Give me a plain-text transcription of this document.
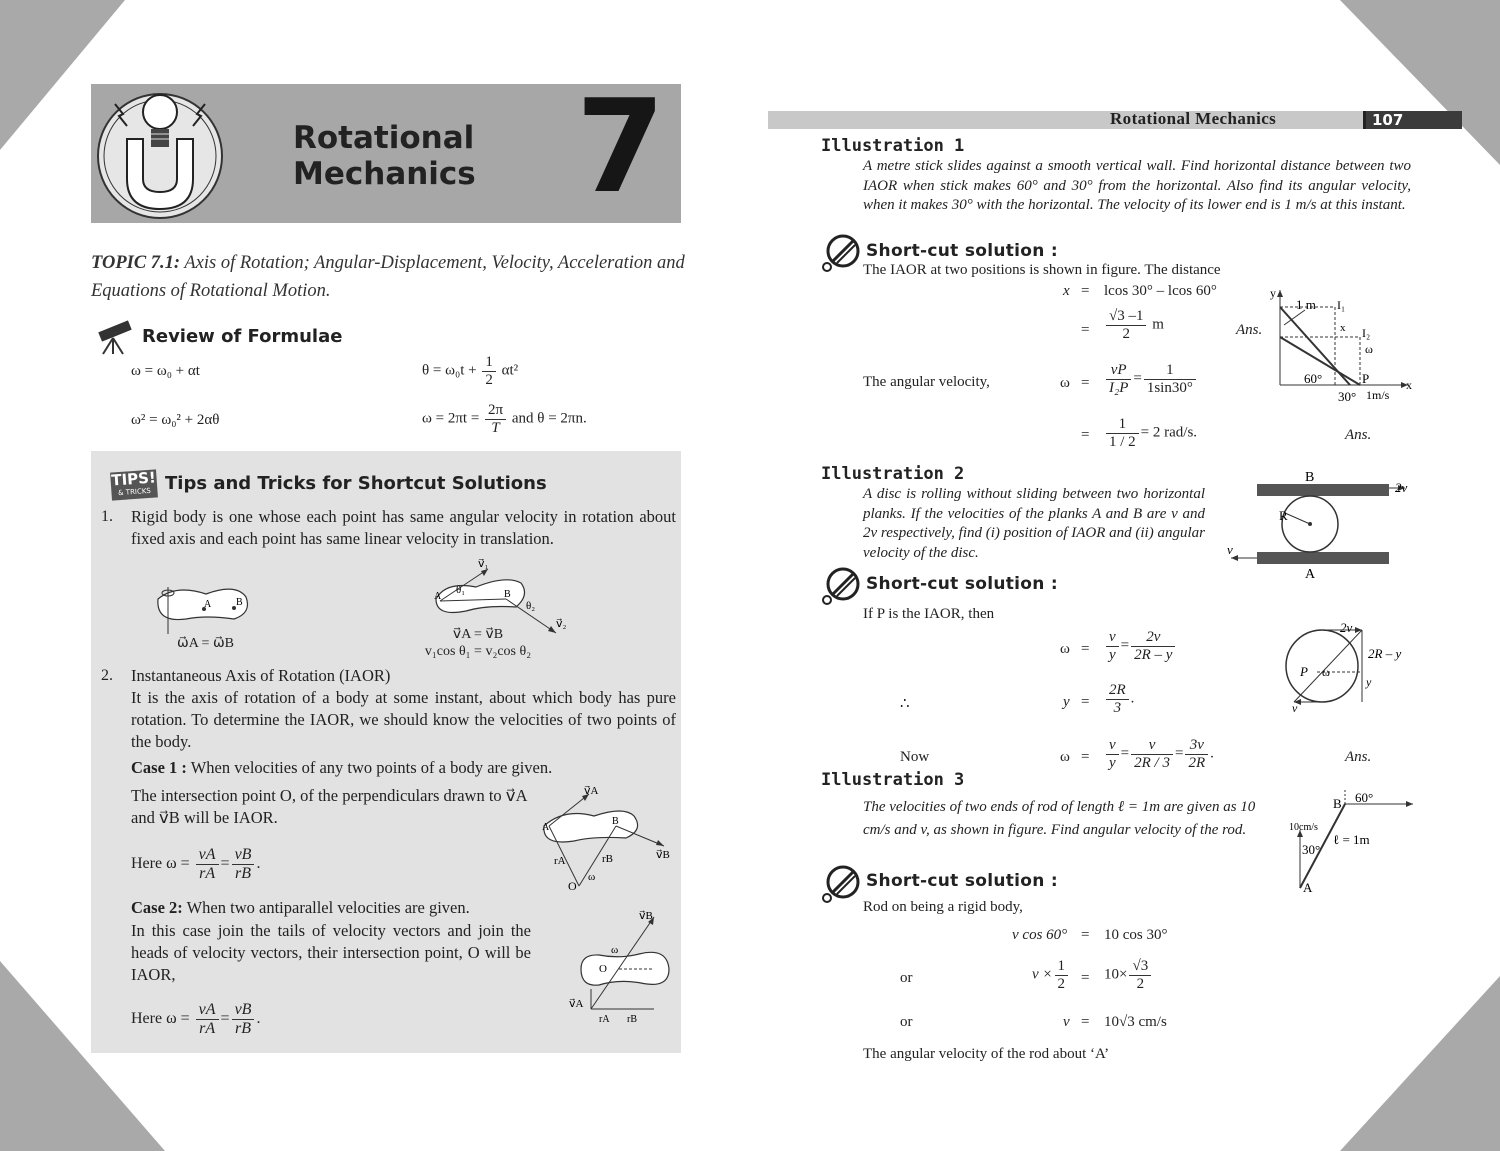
Rotational
Mechanics 7
TOPIC 7.1: Axis of Rotation; Angular-Displacement, Velocity, Acceleration and Equations of Rotational Motion.
Review of Formulae
ω = ω₀ + αt	$\theta = \omega_0t + \frac{1}{2} \alpha t^2$
ω² = ω₀² + 2αθ	$\omega = 2\pi t = \frac{2\pi}{T}$ and θ = 2πn.
TIPS!
& TRICKS Tips and Tricks for Shortcut Solutions
1. Rigid body is one whose each point has same angular velocity in rotation about fixed axis and each point has same linear velocity in translation.
A B
ω⃗A = ω⃗B
A	B
θ₁
θ₂
v⃗₁
v⃗₂
v⃗A = v⃗B
v₁cos θ₁ = v₂cos θ₂
2. Instantaneous Axis of Rotation (IAOR)
It is the axis of rotation of a body at some instant, about which body has pure rotation. To determine the IAOR, we should know the velocities of two points of the body.
Case 1 : When velocities of any two points of a body are given.
The intersection point O, of the perpendiculars drawn to v⃗A and v⃗B will be IAOR.
Here $\omega = \frac{vA}{rA} = \frac{vB}{rB}$ .
A
B
v⃗A
v⃗B
rA	rB
O
ω
Case 2: When two antiparallel velocities are given.
In this case join the tails of velocity vectors and join the heads of velocity vectors, their intersection point, O will be IAOR,
Here $\omega = \frac{vA}{rA} = \frac{vB}{rB}$ .
O
ω
v⃗B
v⃗A
rA rB
Rotational Mechanics	107
Illustration 1
A metre stick slides against a smooth vertical wall. Find horizontal distance between two IAOR when stick makes 60° and 30° from the horizontal. Also find its angular velocity, when it makes 30° with the horizontal. The velocity of its lower end is 1 m/s at this instant.
Short-cut solution :
The IAOR at two positions is shown in figure. The distance
x = lcos 30° – lcos 60°
= $\frac{√3 -1}{2}$ m	Ans.
The angular velocity,	$\omega = \frac{vP}{\text{I₂P}} = \frac{1}{1\sin 30^\circ}$
= $\frac{1}{1 / 2} = 2$ rad/s.	Ans.
y
x
1 m I₁
I₂
ω
x
60°
30°
P
1m/s
Illustration 2
A disc is rolling without sliding between two horizontal planks. If the velocities of the planks A and B are v and 2v respectively, find (i) position of IAOR and (ii) angular velocity of the disc.
Short-cut solution :
If P is the IAOR, then
$\omega = \frac{v}{y} = \frac{2v}{2R - y}$
∴	$y = \frac{2R}{3}$ .
Now	$\omega = \frac{v}{y} = \frac{v}{2R / 3} = \frac{3v}{2R}$ .	Ans.
B
A
2v
v
R
2v
v
P ω
2R – y
y
Illustration 3
The velocities of two ends of rod of length ℓ = 1m are given as 10 cm/s and v, as shown in figure. Find angular velocity of the rod.
Short-cut solution :
Rod on being a rigid body,
v cos 60° = 10 cos 30°
or	$v \times \frac{1}{2} = 10\times \frac{√3}{2}$
or	v = 10√3 cm/s
The angular velocity of the rod about ‘A’
B
A
60°
30°
10cm/s
ℓ = 1m
